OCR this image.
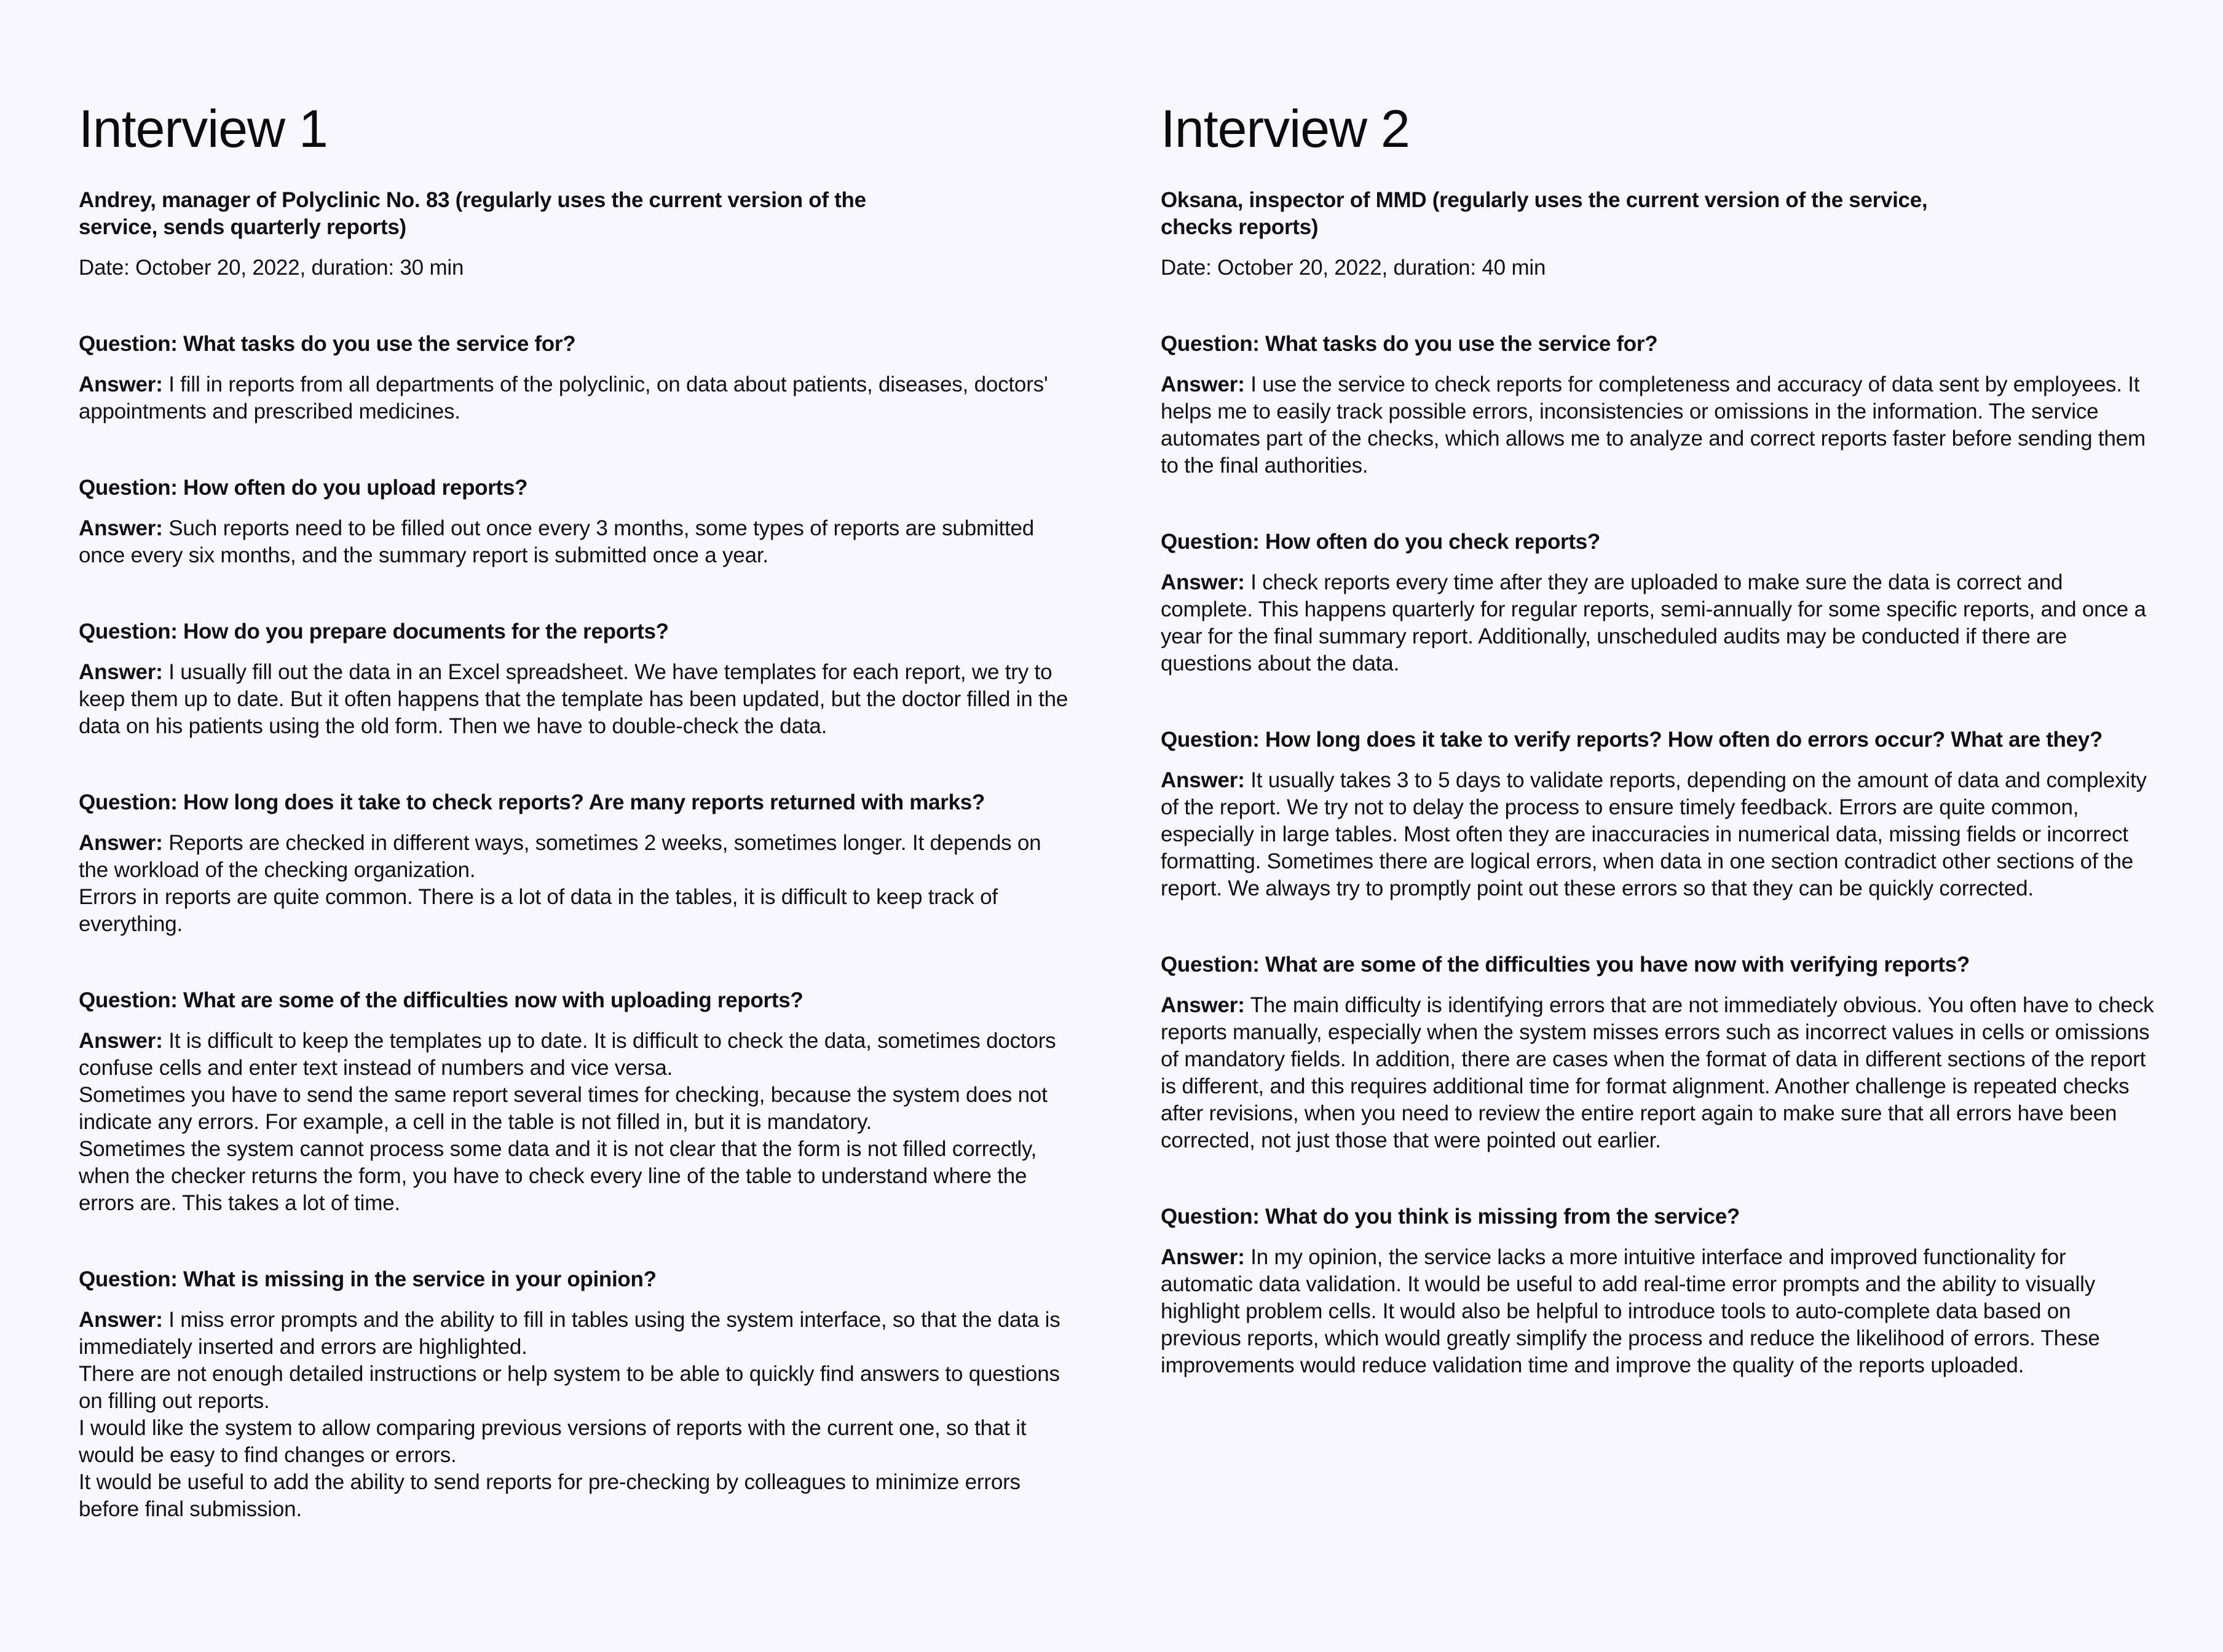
Interview 1

Andrey, manager of Polyclinic No. 83 (regularly uses the current version of the service, sends quarterly reports)

Date: October 20, 2022, duration: 30 min

Question: What tasks do you use the service for?

Answer: I fill in reports from all departments of the polyclinic, on data about patients, diseases, doctors' appointments and prescribed medicines.

Question: How often do you upload reports?

Answer: Such reports need to be filled out once every 3 months, some types of reports are submitted once every six months, and the summary report is submitted once a year.

Question: How do you prepare documents for the reports?

Answer: I usually fill out the data in an Excel spreadsheet. We have templates for each report, we try to keep them up to date. But it often happens that the template has been updated, but the doctor filled in the data on his patients using the old form. Then we have to double-check the data.

Question: How long does it take to check reports? Are many reports returned with marks?

Answer: Reports are checked in different ways, sometimes 2 weeks, sometimes longer. It depends on the workload of the checking organization.
Errors in reports are quite common. There is a lot of data in the tables, it is difficult to keep track of everything.

Question: What are some of the difficulties now with uploading reports?

Answer: It is difficult to keep the templates up to date. It is difficult to check the data, sometimes doctors confuse cells and enter text instead of numbers and vice versa.
Sometimes you have to send the same report several times for checking, because the system does not indicate any errors. For example, a cell in the table is not filled in, but it is mandatory.
Sometimes the system cannot process some data and it is not clear that the form is not filled correctly, when the checker returns the form, you have to check every line of the table to understand where the errors are. This takes a lot of time.

Question: What is missing in the service in your opinion?

Answer: I miss error prompts and the ability to fill in tables using the system interface, so that the data is immediately inserted and errors are highlighted.
There are not enough detailed instructions or help system to be able to quickly find answers to questions on filling out reports.
I would like the system to allow comparing previous versions of reports with the current one, so that it would be easy to find changes or errors.
It would be useful to add the ability to send reports for pre-checking by colleagues to minimize errors before final submission.

Interview 2

Oksana, inspector of MMD (regularly uses the current version of the service, checks reports)

Date: October 20, 2022, duration: 40 min

Question: What tasks do you use the service for?

Answer: I use the service to check reports for completeness and accuracy of data sent by employees. It helps me to easily track possible errors, inconsistencies or omissions in the information. The service automates part of the checks, which allows me to analyze and correct reports faster before sending them to the final authorities.

Question: How often do you check reports?

Answer: I check reports every time after they are uploaded to make sure the data is correct and complete. This happens quarterly for regular reports, semi-annually for some specific reports, and once a year for the final summary report. Additionally, unscheduled audits may be conducted if there are questions about the data.

Question: How long does it take to verify reports? How often do errors occur? What are they?

Answer: It usually takes 3 to 5 days to validate reports, depending on the amount of data and complexity of the report. We try not to delay the process to ensure timely feedback. Errors are quite common, especially in large tables. Most often they are inaccuracies in numerical data, missing fields or incorrect formatting. Sometimes there are logical errors, when data in one section contradict other sections of the report. We always try to promptly point out these errors so that they can be quickly corrected.

Question: What are some of the difficulties you have now with verifying reports?

Answer: The main difficulty is identifying errors that are not immediately obvious. You often have to check reports manually, especially when the system misses errors such as incorrect values in cells or omissions of mandatory fields. In addition, there are cases when the format of data in different sections of the report is different, and this requires additional time for format alignment. Another challenge is repeated checks after revisions, when you need to review the entire report again to make sure that all errors have been corrected, not just those that were pointed out earlier.

Question: What do you think is missing from the service?

Answer: In my opinion, the service lacks a more intuitive interface and improved functionality for automatic data validation. It would be useful to add real-time error prompts and the ability to visually highlight problem cells. It would also be helpful to introduce tools to auto-complete data based on previous reports, which would greatly simplify the process and reduce the likelihood of errors. These improvements would reduce validation time and improve the quality of the reports uploaded.
